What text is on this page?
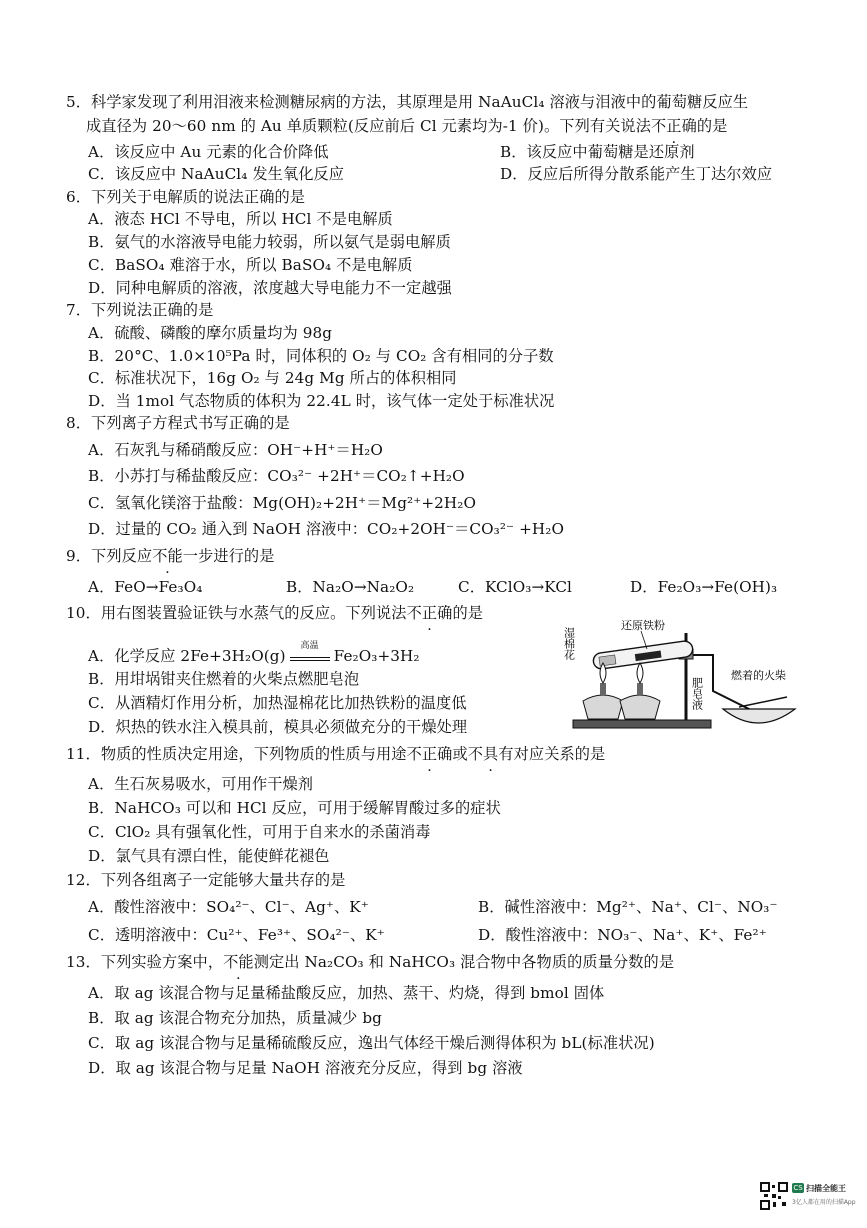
5．科学家发现了利用泪液来检测糖尿病的方法，其原理是用 NaAuCl₄ 溶液与泪液中的葡萄糖反应生
成直径为 20～60 nm 的 Au 单质颗粒(反应前后 Cl 元素均为-1 价)。下列有关说法不正确的是
A．该反应中 Au 元素的化合价降低	B．该反应中葡萄糖是还原剂
C．该反应中 NaAuCl₄ 发生氧化反应	D．反应后所得分散系能产生丁达尔效应
6．下列关于电解质的说法正确的是
A．液态 HCl 不导电，所以 HCl 不是电解质
B．氨气的水溶液导电能力较弱，所以氨气是弱电解质
C．BaSO₄ 难溶于水，所以 BaSO₄ 不是电解质
D．同种电解质的溶液，浓度越大导电能力不一定越强
7．下列说法正确的是
A．硫酸、磷酸的摩尔质量均为 98g
B．20°C、1.0×10⁵Pa 时，同体积的 O₂ 与 CO₂ 含有相同的分子数
C．标准状况下，16g O₂ 与 24g Mg 所占的体积相同
D．当 1mol 气态物质的体积为 22.4L 时，该气体一定处于标准状况
8．下列离子方程式书写正确的是
A．石灰乳与稀硝酸反应：OH⁻+H⁺＝H₂O
B．小苏打与稀盐酸反应：CO₃²⁻ +2H⁺＝CO₂↑+H₂O
C．氢氧化镁溶于盐酸：Mg(OH)₂+2H⁺＝Mg²⁺+2H₂O
D．过量的 CO₂ 通入到 NaOH 溶液中：CO₂+2OH⁻＝CO₃²⁻ +H₂O
9．下列反应不能一步进行的是
A．FeO→Fe₃O₄	B．Na₂O→Na₂O₂	C．KClO₃→KCl	D．Fe₂O₃→Fe(OH)₃
10．用右图装置验证铁与水蒸气的反应。下列说法不正确的是
A．化学反应 2Fe+3H₂O(g)
高温
Fe₂O₃+3H₂
B．用坩埚钳夹住燃着的火柴点燃肥皂泡
C．从酒精灯作用分析，加热湿棉花比加热铁粉的温度低
D．炽热的铁水注入模具前，模具必须做充分的干燥处理
湿棉花
还原铁粉
肥皂液
燃着的火柴
11．物质的性质决定用途，下列物质的性质与用途不正确或不具有对应关系的是
A．生石灰易吸水，可用作干燥剂
B．NaHCO₃ 可以和 HCl 反应，可用于缓解胃酸过多的症状
C．ClO₂ 具有强氧化性，可用于自来水的杀菌消毒
D．氯气具有漂白性，能使鲜花褪色
12．下列各组离子一定能够大量共存的是
A．酸性溶液中：SO₄²⁻、Cl⁻、Ag⁺、K⁺	B．碱性溶液中：Mg²⁺、Na⁺、Cl⁻、NO₃⁻
C．透明溶液中：Cu²⁺、Fe³⁺、SO₄²⁻、K⁺	D．酸性溶液中：NO₃⁻、Na⁺、K⁺、Fe²⁺
13．下列实验方案中，不能测定出 Na₂CO₃ 和 NaHCO₃ 混合物中各物质的质量分数的是
A．取 ag 该混合物与足量稀盐酸反应，加热、蒸干、灼烧，得到 bmol 固体
B．取 ag 该混合物充分加热，质量减少 bg
C．取 ag 该混合物与足量稀硫酸反应，逸出气体经干燥后测得体积为 bL(标准状况)
D．取 ag 该混合物与足量 NaOH 溶液充分反应，得到 bg 溶液
CS 扫描全能王
3亿人都在用的扫描App
